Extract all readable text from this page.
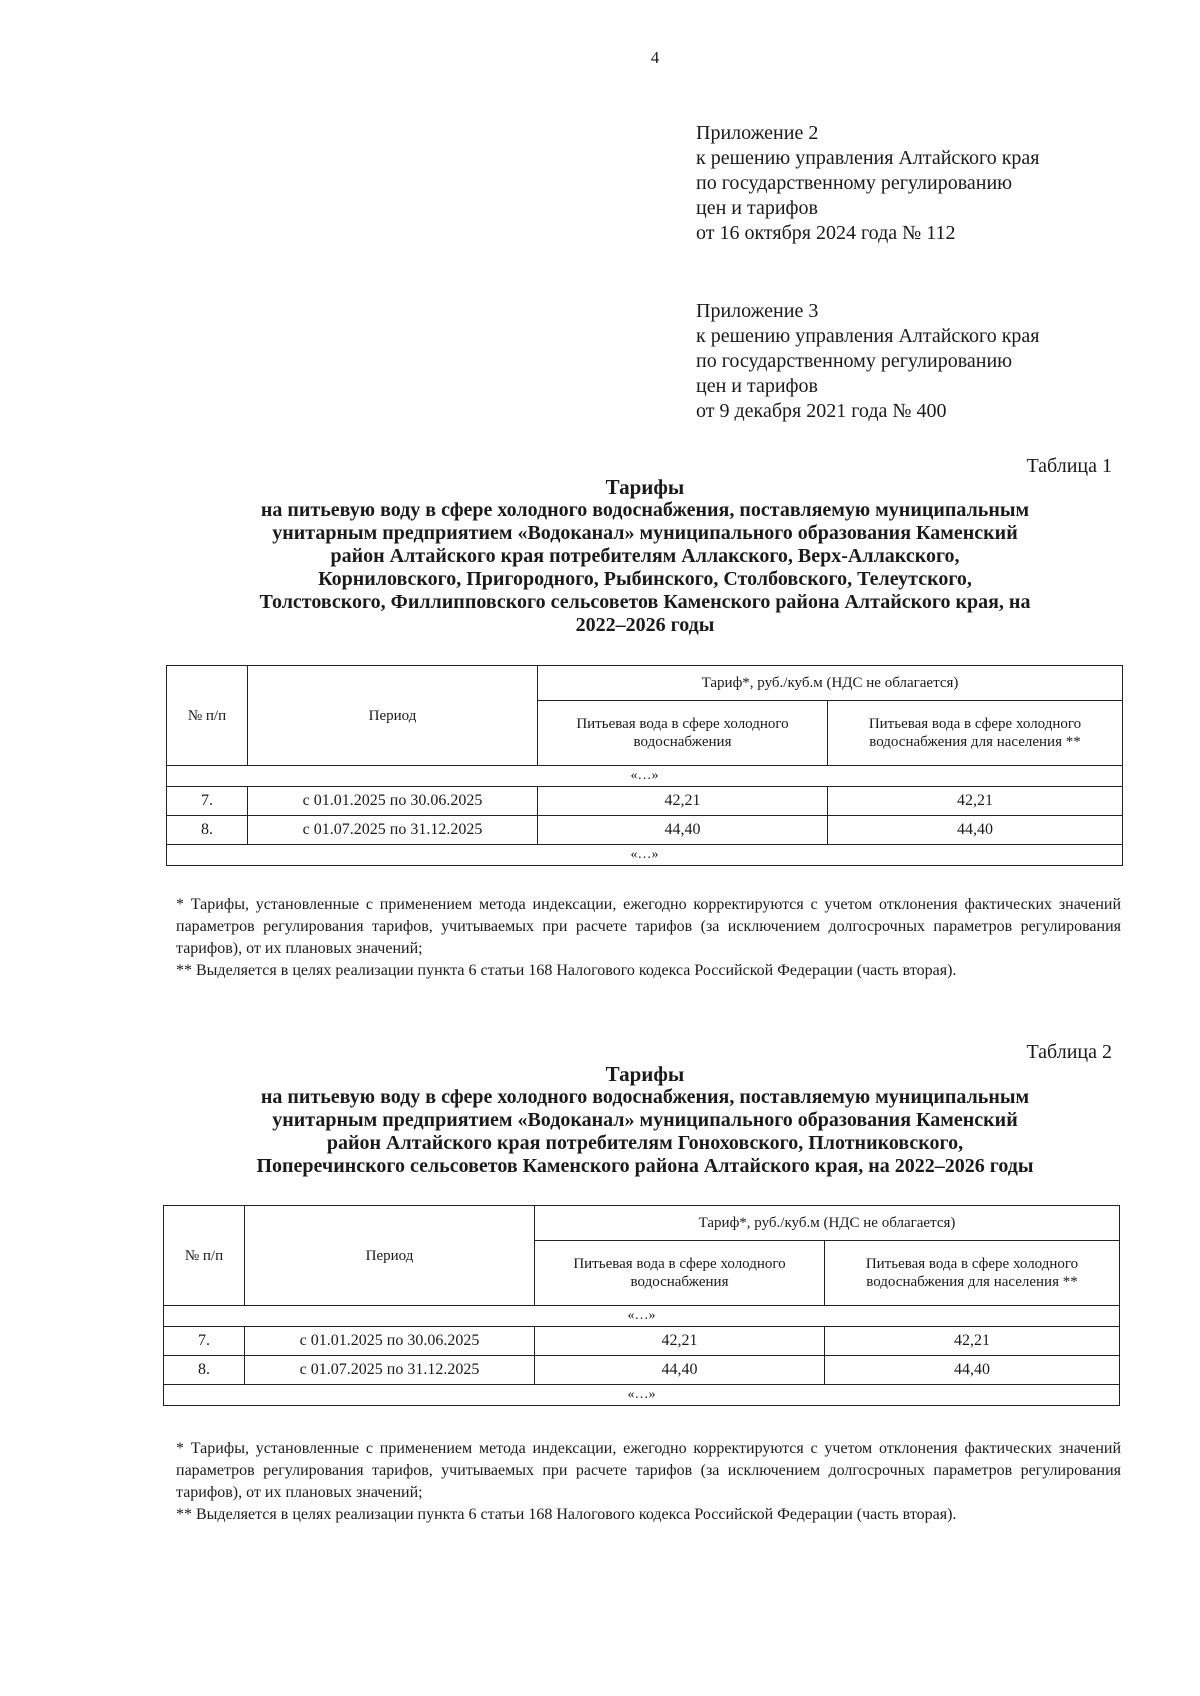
4
Приложение 2
к решению управления Алтайского края
по государственному регулированию
цен и тарифов
от 16 октября 2024 года № 112
Приложение 3
к решению управления Алтайского края
по государственному регулированию
цен и тарифов
от 9 декабря 2021 года № 400
Таблица 1
Тарифы
на питьевую воду в сфере холодного водоснабжения, поставляемую муниципальным
унитарным предприятием «Водоканал» муниципального образования Каменский
район Алтайского края потребителям Аллакского, Верх-Аллакского,
Корниловского, Пригородного, Рыбинского, Столбовского, Телеутского,
Толстовского, Филлипповского сельсоветов Каменского района Алтайского края, на
2022–2026 годы
№ п/п	Период	Тариф*, руб./куб.м (НДС не облагается)	
		Питьевая вода в сфере холодного водоснабжения	Питьевая вода в сфере холодного водоснабжения для населения **
«…»			
7.	с 01.01.2025 по 30.06.2025	42,21	42,21
8.	с 01.07.2025 по 31.12.2025	44,40	44,40
«…»			

* Тарифы, установленные с применением метода индексации, ежегодно корректируются с учетом отклонения фактических значений параметров регулирования тарифов, учитываемых при расчете тарифов (за исключением долгосрочных параметров регулирования тарифов), от их плановых значений;

** Выделяется в целях реализации пункта 6 статьи 168 Налогового кодекса Российской Федерации (часть вторая).

Таблица 2
Тарифы
на питьевую воду в сфере холодного водоснабжения, поставляемую муниципальным
унитарным предприятием «Водоканал» муниципального образования Каменский
район Алтайского края потребителям Гоноховского, Плотниковского,
Поперечинского сельсоветов Каменского района Алтайского края, на 2022–2026 годы
№ п/п	Период	Тариф*, руб./куб.м (НДС не облагается)	
		Питьевая вода в сфере холодного водоснабжения	Питьевая вода в сфере холодного водоснабжения для населения **
«…»			
7.	с 01.01.2025 по 30.06.2025	42,21	42,21
8.	с 01.07.2025 по 31.12.2025	44,40	44,40
«…»			

* Тарифы, установленные с применением метода индексации, ежегодно корректируются с учетом отклонения фактических значений параметров регулирования тарифов, учитываемых при расчете тарифов (за исключением долгосрочных параметров регулирования тарифов), от их плановых значений;

** Выделяется в целях реализации пункта 6 статьи 168 Налогового кодекса Российской Федерации (часть вторая).
